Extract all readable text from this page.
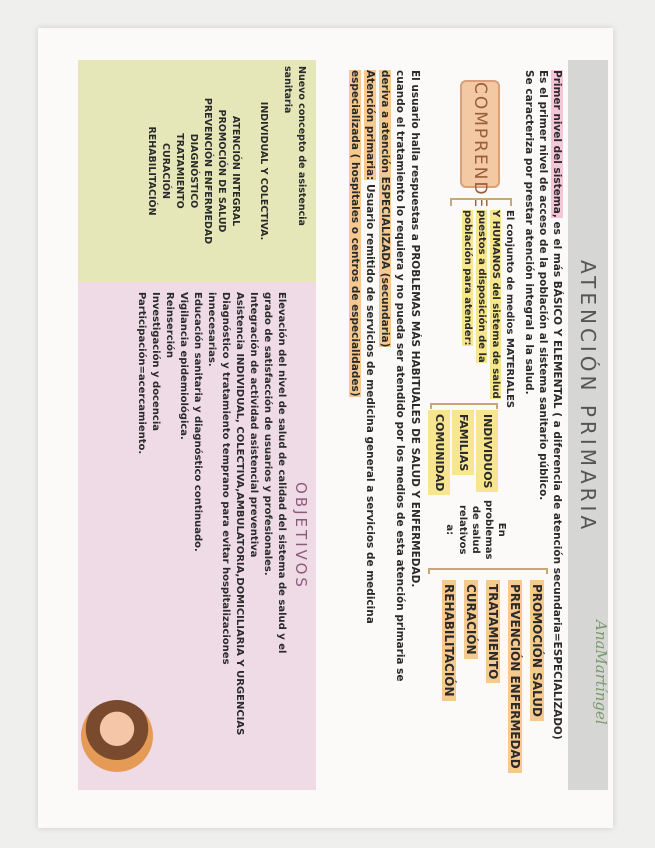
ATENCIÓN PRIMARIA
AnaMartíngel
Primer nivel del sistema, es el más BÁSICO Y ELEMENTAL ( a diferencia de atención secundaria=ESPECIALIZADO)
Es el primer nivel de acceso de la población al sistema sanitario público.
Se caracteriza por prestar atención integral a la salud.
COMPRENDE
El conjunto de medios MATERIALES
Y HUMANOS del sistema de salud
puestos a disposición de la
población para atender:
INDIVIDUOS
FAMILIAS
COMUNIDAD
En
problemas
de salud
relativos
a:
PROMOCIÓN SALUD
PREVENCIÓN ENFERMEDAD
TRATAMIENTO
CURACIÓN
REHABILITACIÓN
El usuario halla respuestas a PROBLEMAS MÁS HABITUALES DE SALUD Y ENFERMEDAD.
cuando el tratamiento lo requiera y no pueda ser atendido por los medios de esta atención primaria se
deriva a atención ESPECIALIZADA (secundaria)
Atención primaria: Usuario remitido de servicios de medicina general a servicios de medicina
especializada ( hospitales o centros de especialidades)
Nuevo concepto de asistencia sanitaria
INDIVIDUAL Y COLECTIVA.
ATENCIÓN INTEGRAL
PROMOCIÓN DE SALUD
PREVENCIÓN ENFERMEDAD
DIAGNÓSTICO
TRATAMIENTO
CURACIÓN
REHABILITACIÓN
OBJETIVOS
Elevación del nivel de salud de calidad del sistema de salud y el
grado de satisfacción de usuarios y profesionales.
Integración de actividad asistencial preventiva
Asistencia INDIVIDUAL, COLECTIVA,AMBULATORIA,DOMICILIARIA Y URGENCIAS
Diagnóstico y tratamiento temprano para evitar hospitalizaciones
innecesarias.
Educación sanitaria y diagnóstico continuado.
Vigilancia epidemiológica.
Reinserción
Investigación y docencia
Participación=acercamiento.
